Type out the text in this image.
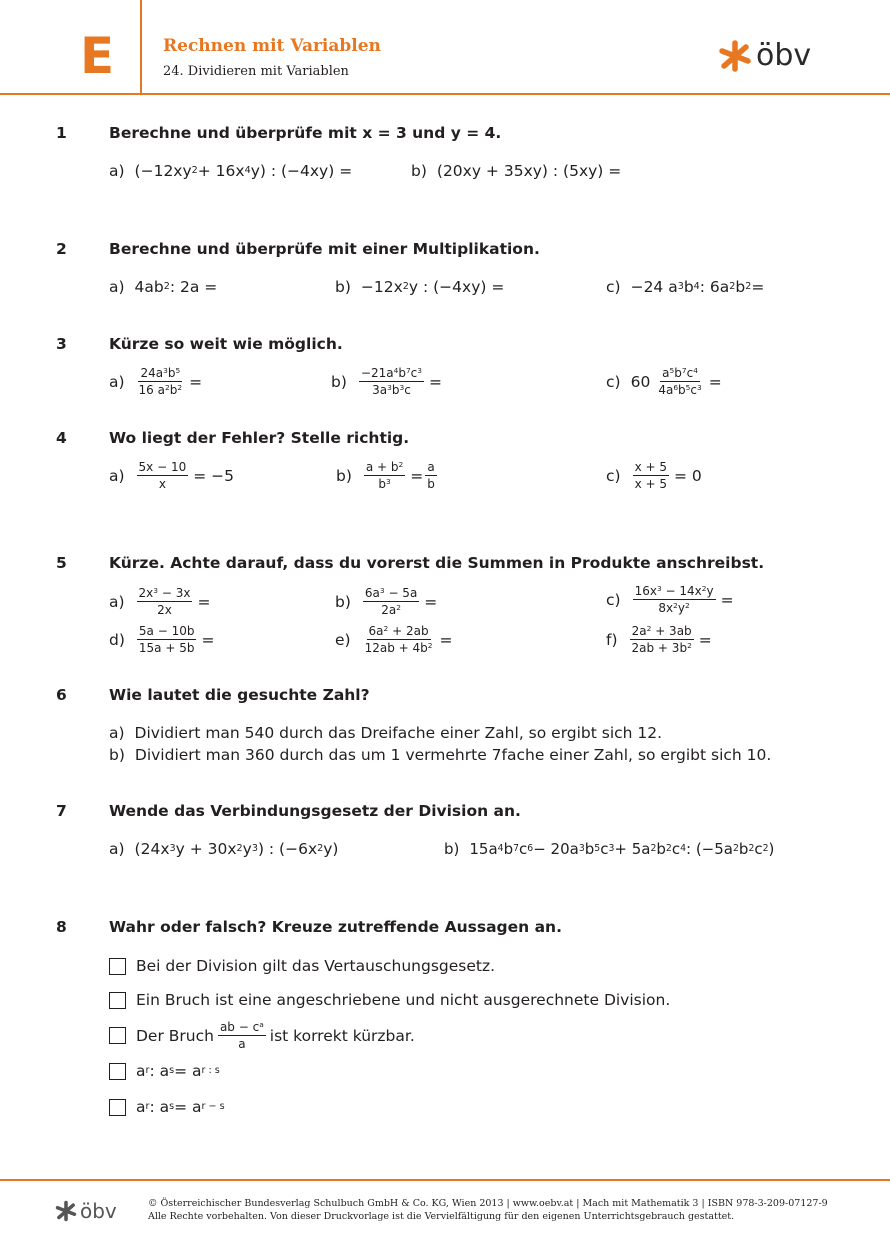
E	Rechnen mit Variablen
24. Dividieren mit Variablen	öbv
1	Berechne und überprüfe mit x = 3 und y = 4.
a) (−12xy 2 + 16x 4 y) : (−4xy) =	b) (20xy + 35xy) : (5xy) =
2	Berechne und überprüfe mit einer Multiplikation.
a) 4ab 2 : 2a =	b) −12x 2 y : (−4xy) =	c) −24 a 3 b 4 : 6a 2 b 2 =
3	Kürze so weit wie möglich.
$a) \frac{24a^3b^5}{16 a^2b^2}$ =	$b) \frac{-21a^4b^7c^3}{3a^3b^3c}$ =	c) $60 \frac{a^5b^7c^4}{4a^6b^5c^3}$ =
4	Wo liegt der Fehler? Stelle richtig.
$a) \frac{5x - 10}{x} = -5$	$b) \frac{a + b^2}{b^3} = \frac{a}{b}$	$c) \frac{x + 5}{x + 5} = 0$
5	Kürze. Achte darauf, dass du vorerst die Summen in Produkte anschreibst.
$a) \frac{2x^3 - 3x}{2x}$ =	$b) \frac{6a^3 - 5a}{2a^2}$ =	$c) \frac{16x^3 - 14x^2y}{8x^2y^2}$ =
$d) \frac{5a - 10b}{15a + 5b}$ =	$e) \frac{6a^2 + 2ab}{12ab + 4b^2}$ =	$f) \frac{2a^2 + 3ab}{2ab + 3b^2}$ =
6	Wie lautet die gesuchte Zahl?
a) Dividiert man 540 durch das Dreifache einer Zahl, so ergibt sich 12.
b) Dividiert man 360 durch das um 1 vermehrte 7fache einer Zahl, so ergibt sich 10.
7	Wende das Verbindungsgesetz der Division an.
a) (24x 3 y + 30x 2 y 3 ) : (−6x 2 y)	b) 15a 4 b 7 c 6 − 20a 3 b 5 c 3 + 5a 2 b 2 c 4 : (−5a 2 b 2 c 2 )
8	Wahr oder falsch? Kreuze zutreffende Aussagen an.
Bei der Division gilt das Vertauschungsgesetz.
Ein Bruch ist eine angeschriebene und nicht ausgerechnete Division.
Der Bruch $\frac{ab - c^a}{a}$ ist korrekt kürzbar.
a r : a s = a r : s
a r : a s = a r − s
öbv	© Österreichischer Bundesverlag Schulbuch GmbH & Co. KG, Wien 2013 | www.oebv.at | Mach mit Mathematik 3 | ISBN 978-3-209-07127-9
Alle Rechte vorbehalten. Von dieser Druckvorlage ist die Vervielfältigung für den eigenen Unterrichtsgebrauch gestattet.
